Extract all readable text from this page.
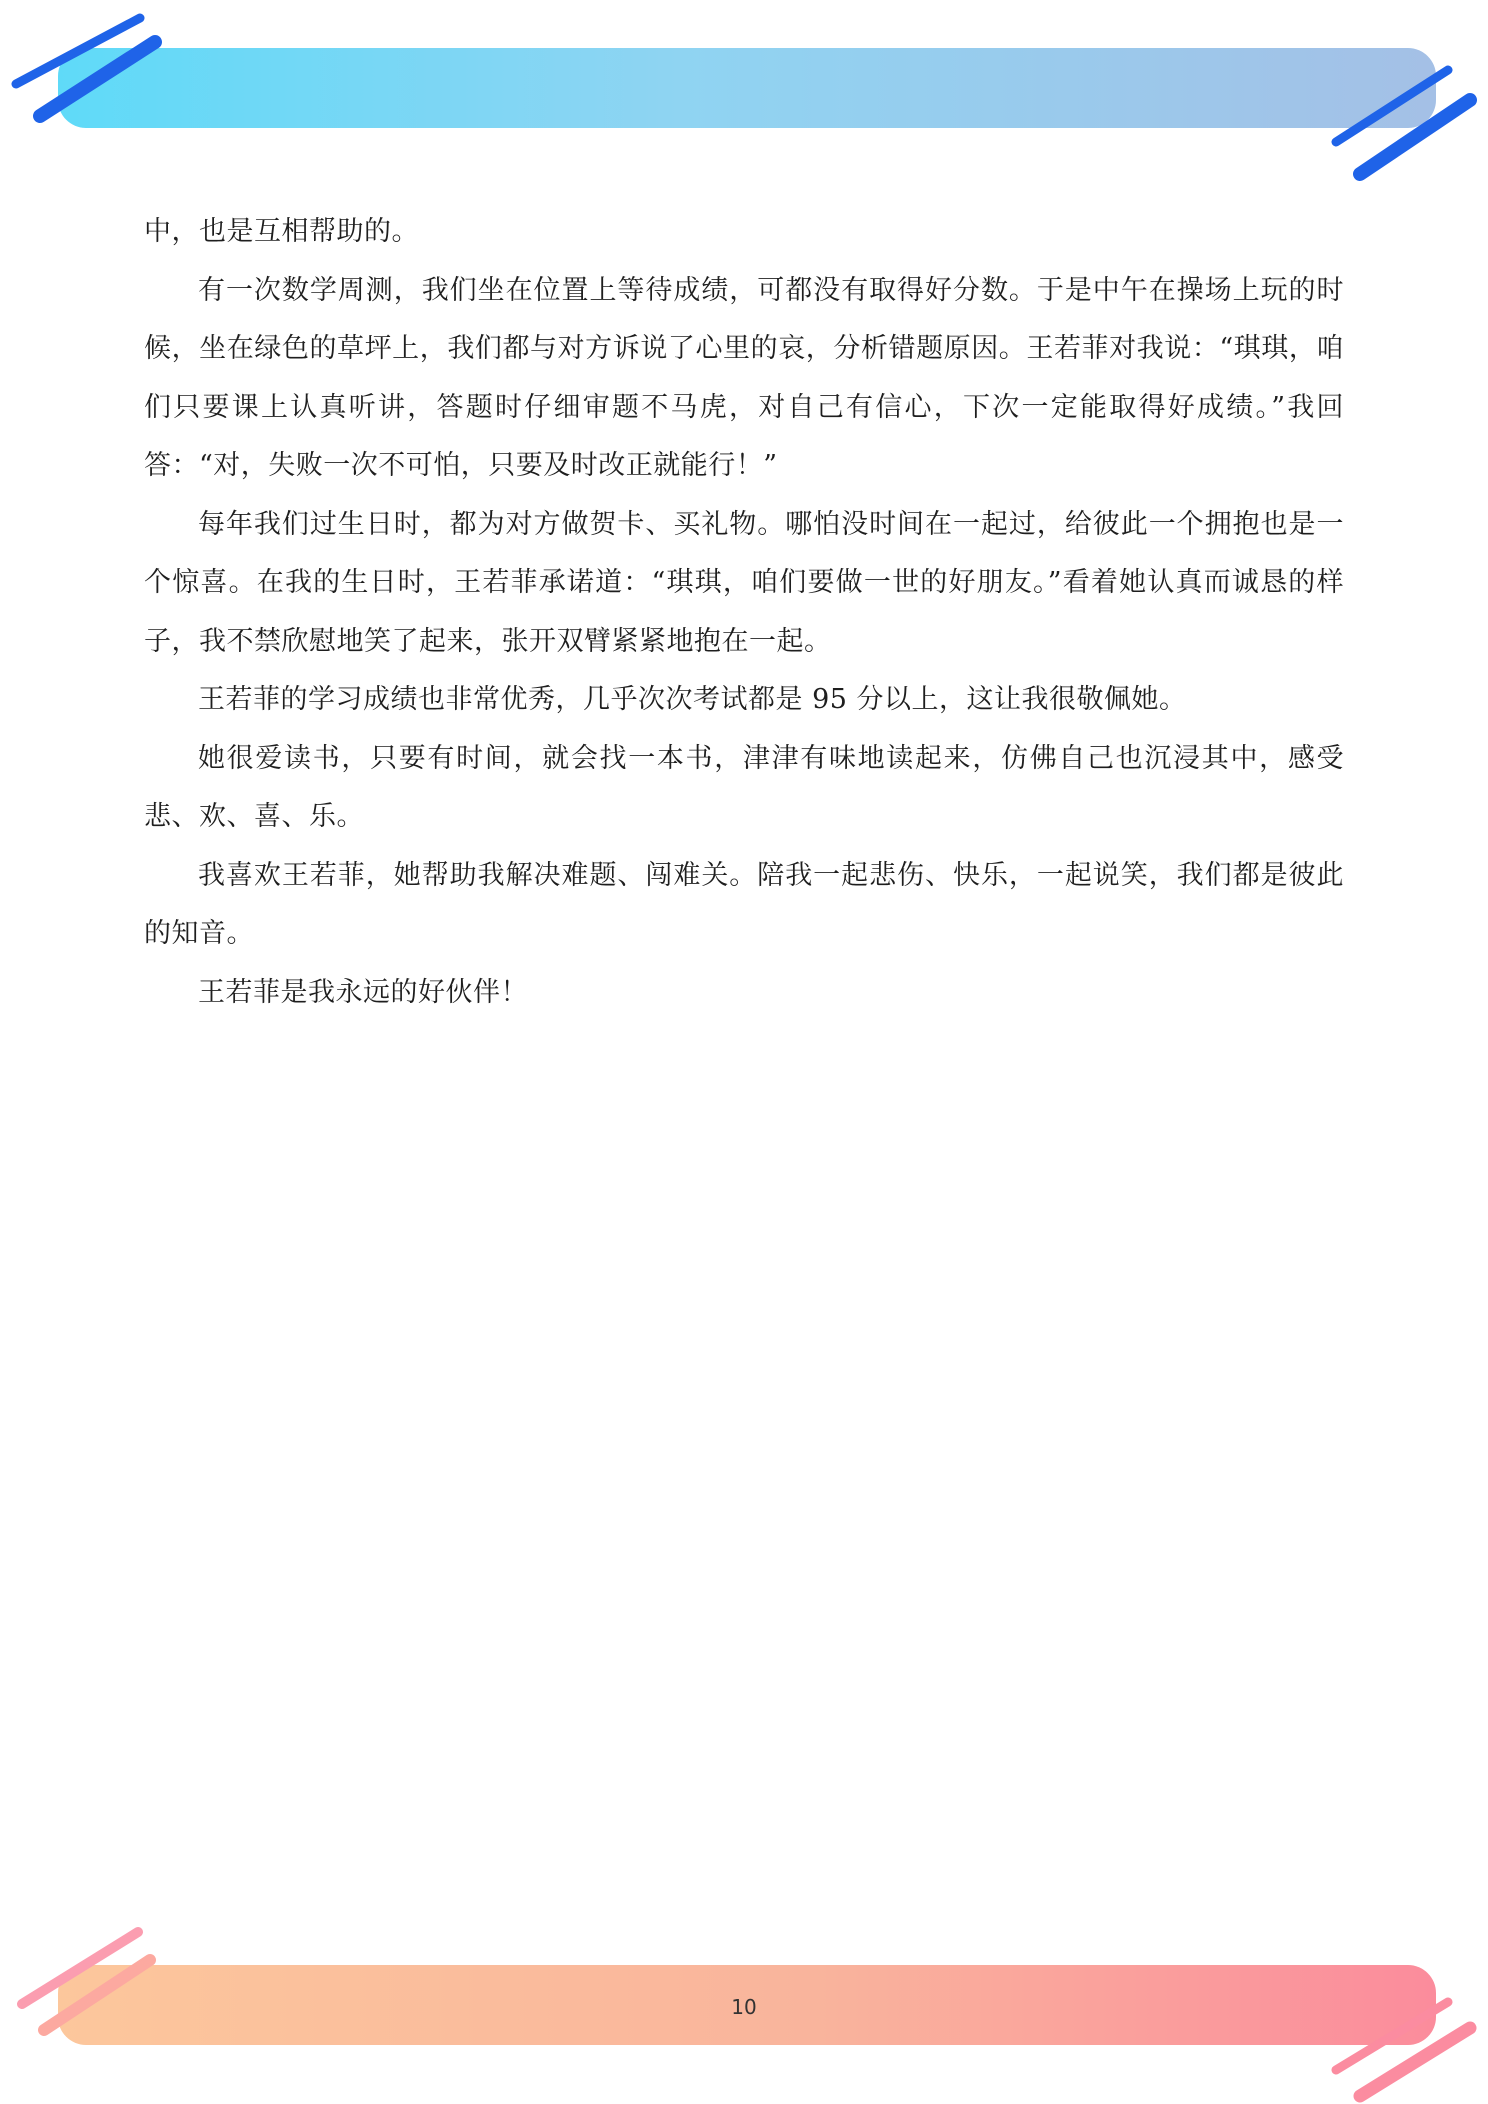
中，也是互相帮助的。

有一次数学周测，我们坐在位置上等待成绩，可都没有取得好分数。于是中午在操场上玩的时候，坐在绿色的草坪上，我们都与对方诉说了心里的哀，分析错题原因。王若菲对我说：“琪琪，咱们只要课上认真听讲，答题时仔细审题不马虎，对自己有信心，下次一定能取得好成绩。”我回答：“对，失败一次不可怕，只要及时改正就能行！”

每年我们过生日时，都为对方做贺卡、买礼物。哪怕没时间在一起过，给彼此一个拥抱也是一个惊喜。在我的生日时，王若菲承诺道：“琪琪，咱们要做一世的好朋友。”看着她认真而诚恳的样子，我不禁欣慰地笑了起来，张开双臂紧紧地抱在一起。

王若菲的学习成绩也非常优秀，几乎次次考试都是 95 分以上，这让我很敬佩她。

她很爱读书，只要有时间，就会找一本书，津津有味地读起来，仿佛自己也沉浸其中，感受悲、欢、喜、乐。

我喜欢王若菲，她帮助我解决难题、闯难关。陪我一起悲伤、快乐，一起说笑，我们都是彼此的知音。

王若菲是我永远的好伙伴！

10
